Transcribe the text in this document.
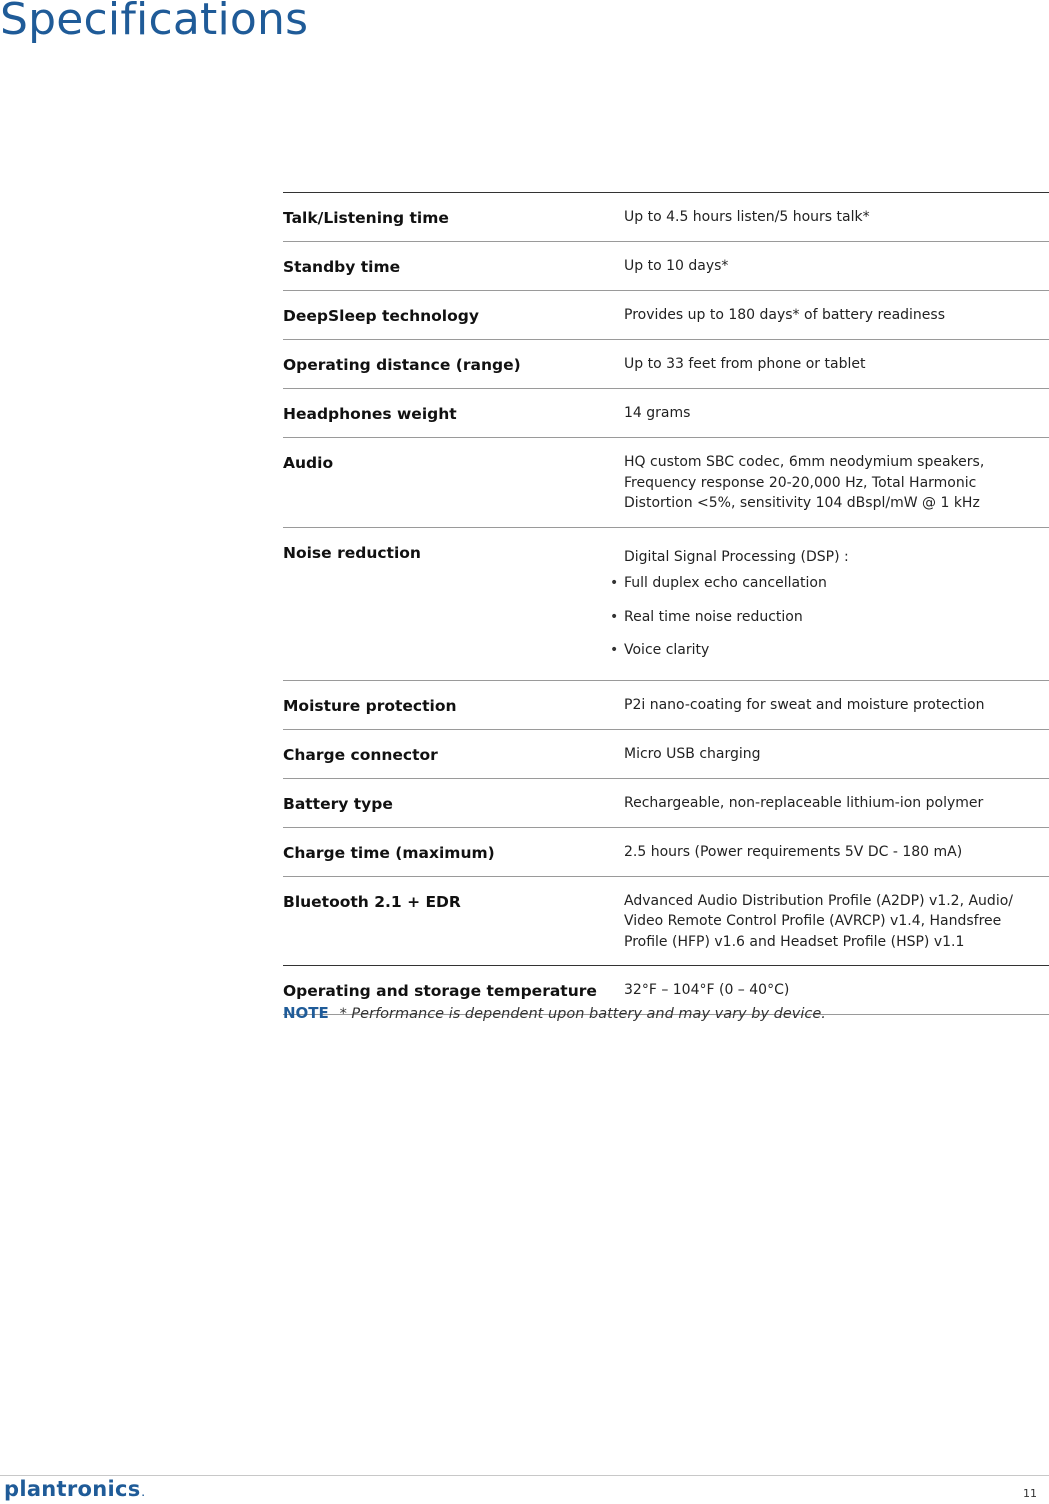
Specifications
Talk/Listening time	Up to 4.5 hours listen/5 hours talk*
Standby time	Up to 10 days*
DeepSleep technology	Provides up to 180 days* of battery readiness
Operating distance (range)	Up to 33 feet from phone or tablet
Headphones weight	14 grams
Audio	HQ custom SBC codec, 6mm neodymium speakers, Frequency response 20-20,000 Hz, Total Harmonic Distortion <5%, sensitivity 104 dBspl/mW @ 1 kHz
Noise reduction	Digital Signal Processing (DSP) :
• Full duplex echo cancellation
• Real time noise reduction
• Voice clarity
Moisture protection	P2i nano-coating for sweat and moisture protection
Charge connector	Micro USB charging
Battery type	Rechargeable, non-replaceable lithium-ion polymer
Charge time (maximum)	2.5 hours (Power requirements 5V DC - 180 mA)
Bluetooth 2.1 + EDR	Advanced Audio Distribution Profile (A2DP) v1.2, Audio/ Video Remote Control Profile (AVRCP) v1.4, Handsfree Profile (HFP) v1.6 and Headset Profile (HSP) v1.1
Operating and storage temperature	32°F – 104°F (0 – 40°C)
NOTE * Performance is dependent upon battery and may vary by device.
plantronics.	11
